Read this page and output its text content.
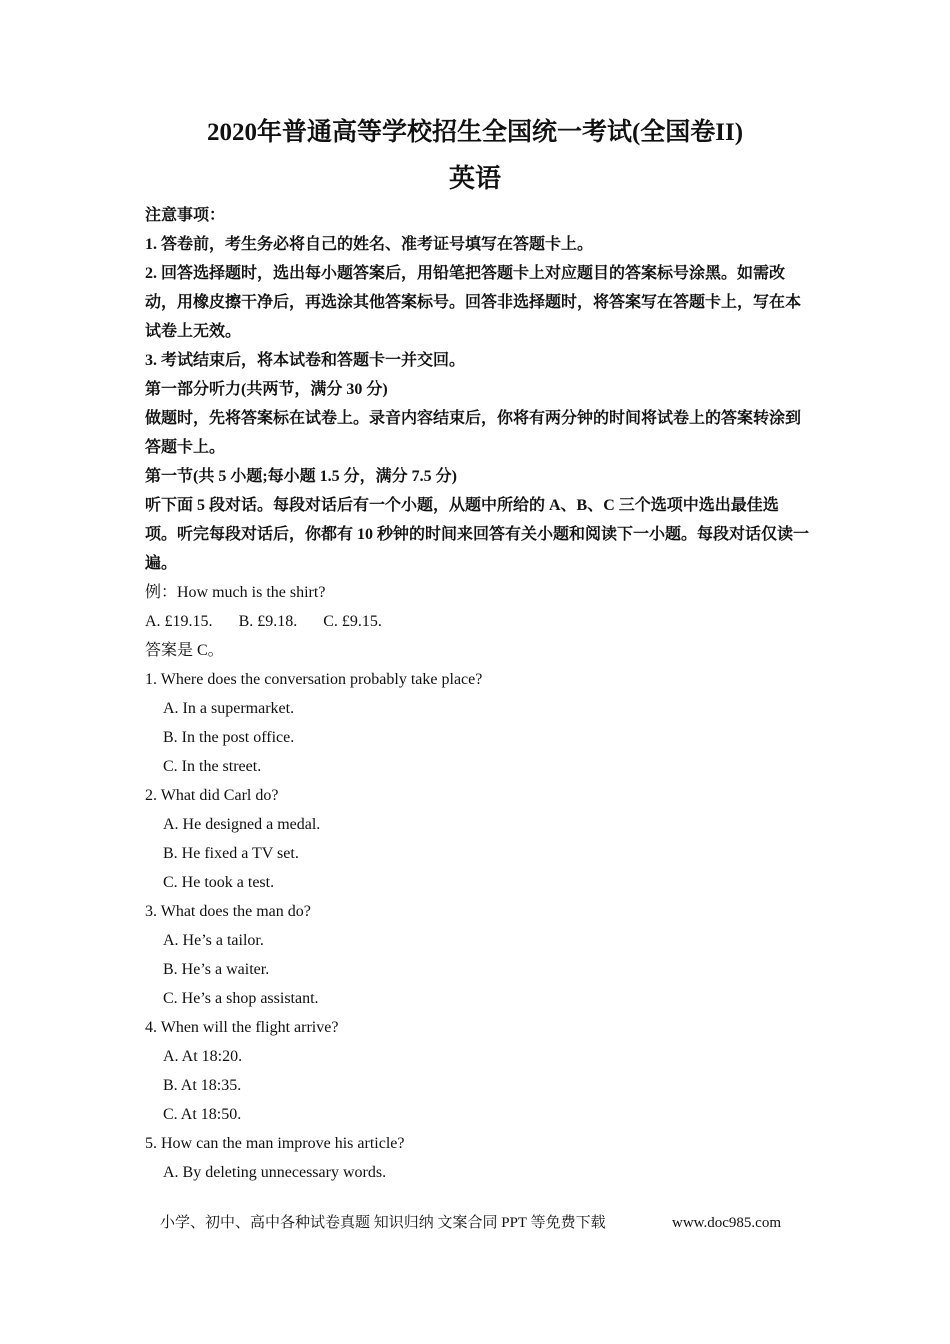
2020年普通高等学校招生全国统一考试(全国卷II)
英语
注意事项：
1. 答卷前，考生务必将自己的姓名、准考证号填写在答题卡上。
2. 回答选择题时，选出每小题答案后，用铅笔把答题卡上对应题目的答案标号涂黑。如需改动，用橡皮擦干净后，再选涂其他答案标号。回答非选择题时，将答案写在答题卡上，写在本试卷上无效。
3. 考试结束后，将本试卷和答题卡一并交回。
第一部分听力(共两节，满分 30 分)
做题时，先将答案标在试卷上。录音内容结束后，你将有两分钟的时间将试卷上的答案转涂到答题卡上。
第一节(共 5 小题;每小题 1.5 分，满分 7.5 分)
听下面 5 段对话。每段对话后有一个小题，从题中所给的 A、B、C 三个选项中选出最佳选项。听完每段对话后，你都有 10 秒钟的时间来回答有关小题和阅读下一小题。每段对话仅读一遍。
例：How much is the shirt?
A. £19.15. B. £9.18. C. £9.15.
答案是 C。
1. Where does the conversation probably take place?
A. In a supermarket.
B. In the post office.
C. In the street.
2. What did Carl do?
A. He designed a medal.
B. He fixed a TV set.
C. He took a test.
3. What does the man do?
A. He’s a tailor.
B. He’s a waiter.
C. He’s a shop assistant.
4. When will the flight arrive?
A. At 18:20.
B. At 18:35.
C. At 18:50.
5. How can the man improve his article?
A. By deleting unnecessary words.
小学、初中、高中各种试卷真题 知识归纳 文案合同 PPT 等免费下载	www.doc985.com
